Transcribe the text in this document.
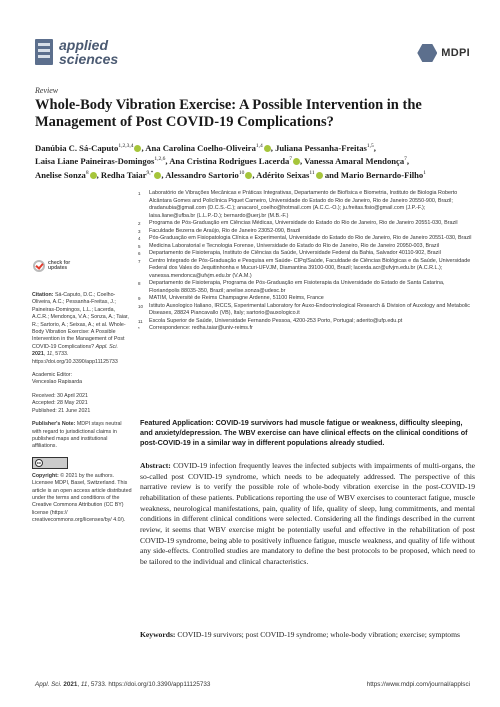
applied
sciences	MDPI
Review
Whole-Body Vibration Exercise: A Possible Intervention in the Management of Post COVID-19 Complications?
Danúbia C. Sá-Caputo$^{1,2,3,4}$ , Ana Carolina Coelho-Oliveira$^{1,4}$ , Juliana Pessanha-Freitas$^{1,5}$,
Laisa Liane Paineiras-Domingos$^{1,2,6}$, Ana Cristina Rodrigues Lacerda$^7$ , Vanessa Amaral Mendonça$^7$,
Anelise Sonza$^8$ , Redha Taiar$^{9,*}$ , Alessandro Sartorio$^{10}$ , Adérito Seixas$^{11}$ and Mario Bernardo-Filho$^1$
check for
updates
Citation: Sá-Caputo, D.C.; Coelho-Oliveira, A.C.; Pessanha-Freitas, J.; Paineiras-Domingos, L.L.; Lacerda, A.C.R.; Mendonça, V.A.; Sonza, A.; Taiar, R.; Sartorio, A.; Seixas, A.; et al. Whole-Body Vibration Exercise: A Possible Intervention in the Management of Post COVID-19 Complications? Appl. Sci. 2021, 11, 5733. https://doi.org/10.3390/app11125733
Academic Editor:
Venceslao Rapisarda
Received: 30 April 2021
Accepted: 28 May 2021
Published: 21 June 2021
Publisher's Note: MDPI stays neutral with regard to jurisdictional claims in published maps and institutional affiliations.
cc
Copyright: © 2021 by the authors. Licensee MDPI, Basel, Switzerland. This article is an open access article distributed under the terms and conditions of the Creative Commons Attribution (CC BY) license (https:// creativecommons.org/licenses/by/ 4.0/).
1	Laboratório de Vibrações Mecânicas e Práticas Integrativas, Departamento de Biofísica e Biometria, Instituto de Biologia Roberto Alcântara Gomes and Policlínica Piquet Carneiro, Universidade do Estado do Rio de Janeiro, Rio de Janeiro 20550-900, Brazil; dradanubia@gmail.com (D.C.S.-C.); anacarol_coelho@hotmail.com (A.C.C.-O.); ju.freitas.fisio@gmail.com (J.P.-F.); laisa.liane@ufba.br (L.L.P.-D.); bernardo@uerj.br (M.B.-F.)
2	Programa de Pós-Graduação em Ciências Médicas, Universidade do Estado do Rio de Janeiro, Rio de Janeiro 20551-030, Brazil
3	Faculdade Bezerra de Araújo, Rio de Janeiro 23052-090, Brazil
4	Pós-Graduação em Fisiopatologia Clínica e Experimental, Universidade do Estado do Rio de Janeiro, Rio de Janeiro 20551-030, Brazil
5	Medicina Laboratorial e Tecnologia Forense, Universidade do Estado do Rio de Janeiro, Rio de Janeiro 20950-003, Brazil
6	Departamento de Fisioterapia, Instituto de Ciências da Saúde, Universidade Federal da Bahia, Salvador 40110-902, Brazil
7	Centro Integrado de Pós-Graduação e Pesquisa em Saúde- CIPq/Saúde, Faculdade de Ciências Biológicas e da Saúde, Universidade Federal dos Vales do Jequitinhonha e Mucuri-UFVJM, Diamantina 39100-000, Brazil; lacerda.acr@ufvjm.edu.br (A.C.R.L.); vanessa.mendonca@ufvjm.edu.br (V.A.M.)
8	Departamento de Fisioterapia, Programa de Pós-Graduação em Fisioterapia da Universidade do Estado de Santa Catarina, Florianópolis 88035-350, Brazil; anelise.sonza@udesc.br
9	MATIM, Université de Reims Champagne Ardenne, 51100 Reims, France
10	Istituto Auxologico Italiano, IRCCS, Experimental Laboratory for Auxo-Endocrinological Research & Division of Auxology and Metabolic Diseases, 28824 Piancavallo (VB), Italy; sartorio@auxologico.it
11	Escola Superior de Saúde, Universidade Fernando Pessoa, 4200-253 Porto, Portugal; aderito@ufp.edu.pt
*	Correspondence: redha.taiar@univ-reims.fr
Featured Application: COVID-19 survivors had muscle fatigue or weakness, difficulty sleeping, and anxiety/depression. The WBV exercise can have clinical effects on the clinical conditions of post-COVID-19 in a similar way in different populations already studied.
Abstract: COVID-19 infection frequently leaves the infected subjects with impairments of multi-organs, the so-called post COVID-19 syndrome, which needs to be adequately addressed. The perspective of this narrative review is to verify the possible role of whole-body vibration exercise in the post-COVID-19 rehabilitation of these patients. Publications reporting the use of WBV exercises to counteract fatigue, muscle weakness, neurological manifestations, pain, quality of life, quality of sleep, lung commitments, and mental conditions in different clinical conditions were selected. Considering all the findings described in the current review, it seems that WBV exercise might be potentially useful and effective in the rehabilitation of post COVID-19 syndrome, being able to positively influence fatigue, muscle weakness, and quality of life without any side-effects. Controlled studies are mandatory to define the best protocols to be proposed, which need to be tailored to the individual and clinical characteristics.
Keywords: COVID-19 survivors; post COVID-19 syndrome; whole-body vibration; exercise; symptoms
Appl. Sci. 2021, 11, 5733. https://doi.org/10.3390/app11125733	https://www.mdpi.com/journal/applsci
